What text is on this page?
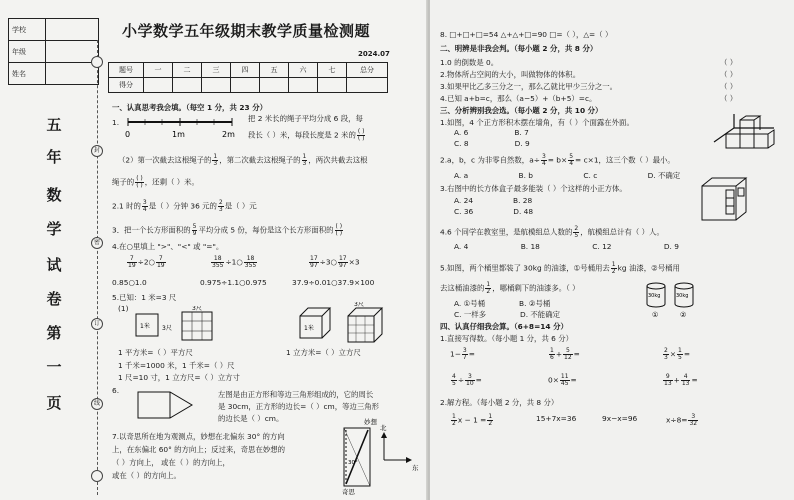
学校	
年级	
姓名	
五
年
数
学
试
卷
第
一
页
封
密
订
线
小学数学五年级期末教学质量检测题
2024.07
题号	一	二	三	四	五	六	七	总分
得分								
一、认真思考我会填。（每空 1 分，共 23 分）
1.
0	1m	2m
把 2 米长的绳子平均分成 6 段，每
段长（ ）米，每段长度是 2 米的 ( )
( )
（2）第一次截去这根绳子的 $\frac{1}{3}$ ，第二次截去这根绳子的 $\frac{1}{3}$ ，两次共截去这根
绳子的 ( )
( ) ，还剩（ ）米。
2.1 时的 $\frac{3}{4}$ 是（ ）分钟 36 元的 $\frac{2}{3}$ 是（ ）元
3．把一个长方形面积的 $\frac{5}{9}$ 平均分成 5 份，每份是这个长方形面积的 ( )
( )
4.在○里填上 ">"、"<" 或 "="。
$\frac{7}{19}$ ÷2○ $\frac{7}{19}$	$\frac{18}{355}$ ÷1○ $\frac{18}{355}$	$\frac{17}{97}$ ÷3○ $\frac{17}{97} \times 3$
0.85○1.0	0.975÷1.1○0.975	37.9÷0.01○37.9×100
5.已知：1 米=3 尺
(1)
1米 3尺
3尺
1米
3尺
1 平方米=（ ）平方尺	1 立方米=（ ）立方尺
1 千米=1000 米，1 千米=（ ）尺
1 尺=10 寸，1 立方尺=（ ）立方寸
6.	左图是由正方形和等边三角形组成的，它的周长
是 30cm，正方形的边长=（ ）cm，等边三角形
的边长是（ ）cm。
7.以奇思所在地为观测点，妙想在北偏东 30° 的方向
上，在东偏北 60° 的方向上；反过来，奇思在妙想的
（ ）方向上， 或在（ ）的方向上，
或在（ ）的方向上。
妙想
奇思
30°
北
东
8. □+□+□=54 △+△+□=90 □=（ ），△=（ ）
二、明辨是非我会判。（每小题 2 分，共 8 分）
1.0 的倒数是 0。	（ ）
2.物体所占空间的大小，叫做物体的体积。	（ ）
3.如果甲比乙多三分之一，那么乙就比甲少三分之一。	（ ）
4.已知 a+b=c，那么（a−5）+（b+5）=c。	（ ）
三、分析辨别我会选。（每小题 2 分，共 10 分）
1.如图，4 个正方形积木摆在墙角，有（ ）个面露在外面。
A. 6	B. 7
C. 8	D. 9
2.a，b，c 为非零自然数，$a\div \frac{3}{4} = b\times \frac{5}{4} = c\times 1$，这三个数（ ）最小。
A. a	B. b	C. c	D. 不确定
3.右图中的长方体盒子最多能装（ ）个这样的小正方体。
A. 24	B. 28
C. 36	D. 48
4.6 个同学在教室里，是航模组总人数的 $\frac{2}{5}$ ，航模组总计有（ ）人。
A. 4	B. 18	C. 12	D. 9
5.如图，两个桶里都装了 30kg 的油漆，①号桶用去 $\frac{1}{2}$ kg 油漆，②号桶用
去这桶油漆的 $\frac{1}{2}$ ，哪桶剩下的油漆多。（ ）
A. ①号桶	B. ②号桶
C. 一样多	D. 不能确定
30kg	30kg
①	②
四、认真仔细我会算。（6+8=14 分）
1.直接写得数。（每小题 1 分，共 6 分）
$1- \frac{3}{7}$ =	$\frac{1}{6} + \frac{5}{12}$ =	$\frac{2}{3} \times \frac{1}{5}$ =
$\frac{4}{5} \div \frac{3}{10}$ =	$0\times \frac{11}{45}$ =	$\frac{9}{13} + \frac{4}{13}$ =
2.解方程。（每小题 2 分，共 8 分）
$\frac{1}{2}$ $x - 1 = \frac{1}{2}$	15+7x=36	9x−x=96	$x\div 8= \frac{3}{32}$
